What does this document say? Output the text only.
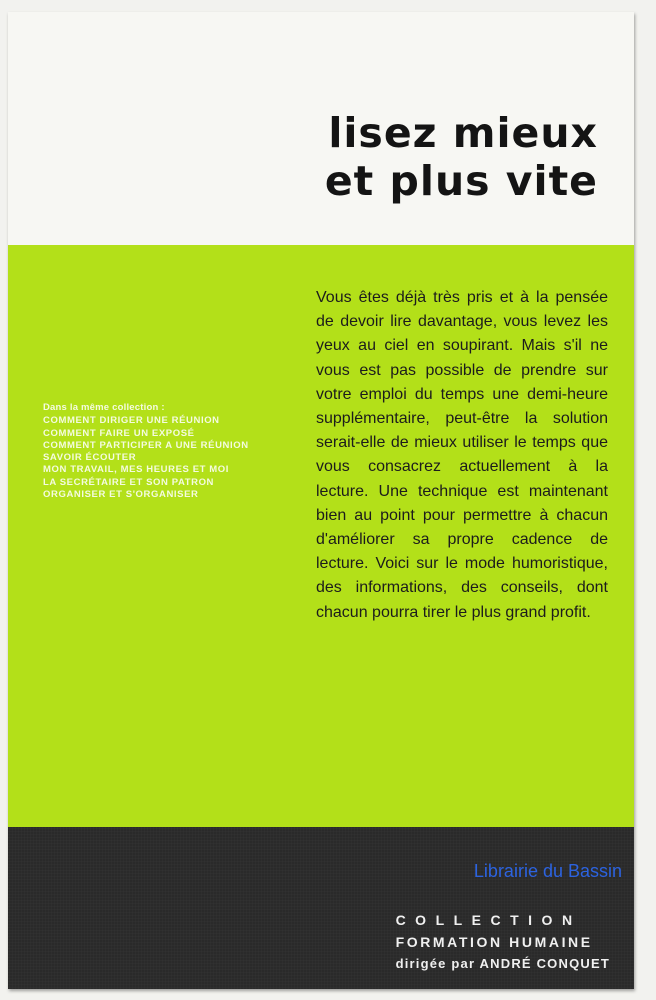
lisez mieux
et plus vite
Dans la même collection :
COMMENT DIRIGER UNE RÉUNION
COMMENT FAIRE UN EXPOSÉ
COMMENT PARTICIPER A UNE RÉUNION
SAVOIR ÉCOUTER
MON TRAVAIL, MES HEURES ET MOI
LA SECRÉTAIRE ET SON PATRON
ORGANISER ET S'ORGANISER
Vous êtes déjà très pris et à la pensée de devoir lire davantage, vous levez les yeux au ciel en soupirant. Mais s'il ne vous est pas possible de prendre sur votre emploi du temps une demi-heure supplémentaire, peut-être la solution serait-elle de mieux utiliser le temps que vous consacrez actuellement à la lecture. Une technique est maintenant bien au point pour permettre à chacun d'améliorer sa propre cadence de lecture. Voici sur le mode humoristique, des informations, des conseils, dont chacun pourra tirer le plus grand profit.
Librairie du Bassin
COLLECTION
FORMATION HUMAINE
dirigée par ANDRÉ CONQUET
